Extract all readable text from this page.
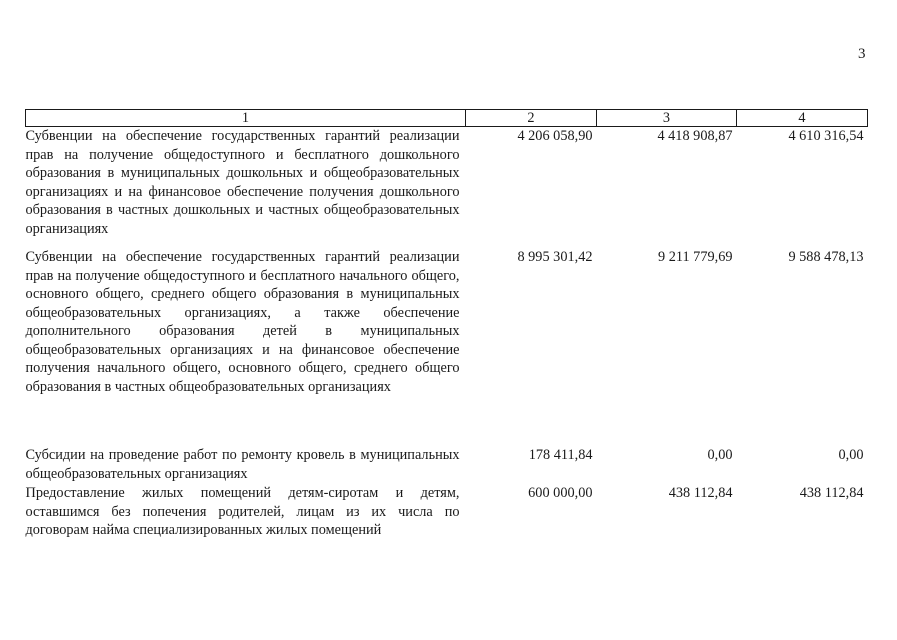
3
1	2	3	4
Субвенции на обеспечение государственных гарантий реализации прав на получение общедоступного и бесплатного дошкольного образования в муниципальных дошкольных и общеобразовательных организациях и на финансовое обеспечение получения дошкольного образования в частных дошкольных и частных общеобразовательных организациях	4 206 058,90	4 418 908,87	4 610 316,54
Субвенции на обеспечение государственных гарантий реализации прав на получение общедоступного и бесплатного начального общего, основного общего, среднего общего образования в муниципальных общеобразовательных организациях, а также обеспечение дополнительного образования детей в муниципальных общеобразовательных организациях и на финансовое обеспечение получения начального общего, основного общего, среднего общего образования в частных общеобразовательных организациях	8 995 301,42	9 211 779,69	9 588 478,13
Субсидии на проведение работ по ремонту кровель в муниципальных общеобразовательных организациях	178 411,84	0,00	0,00
Предоставление жилых помещений детям-сиротам и детям, оставшимся без попечения родителей, лицам из их числа по договорам найма специализированных жилых помещений	600 000,00	438 112,84	438 112,84
